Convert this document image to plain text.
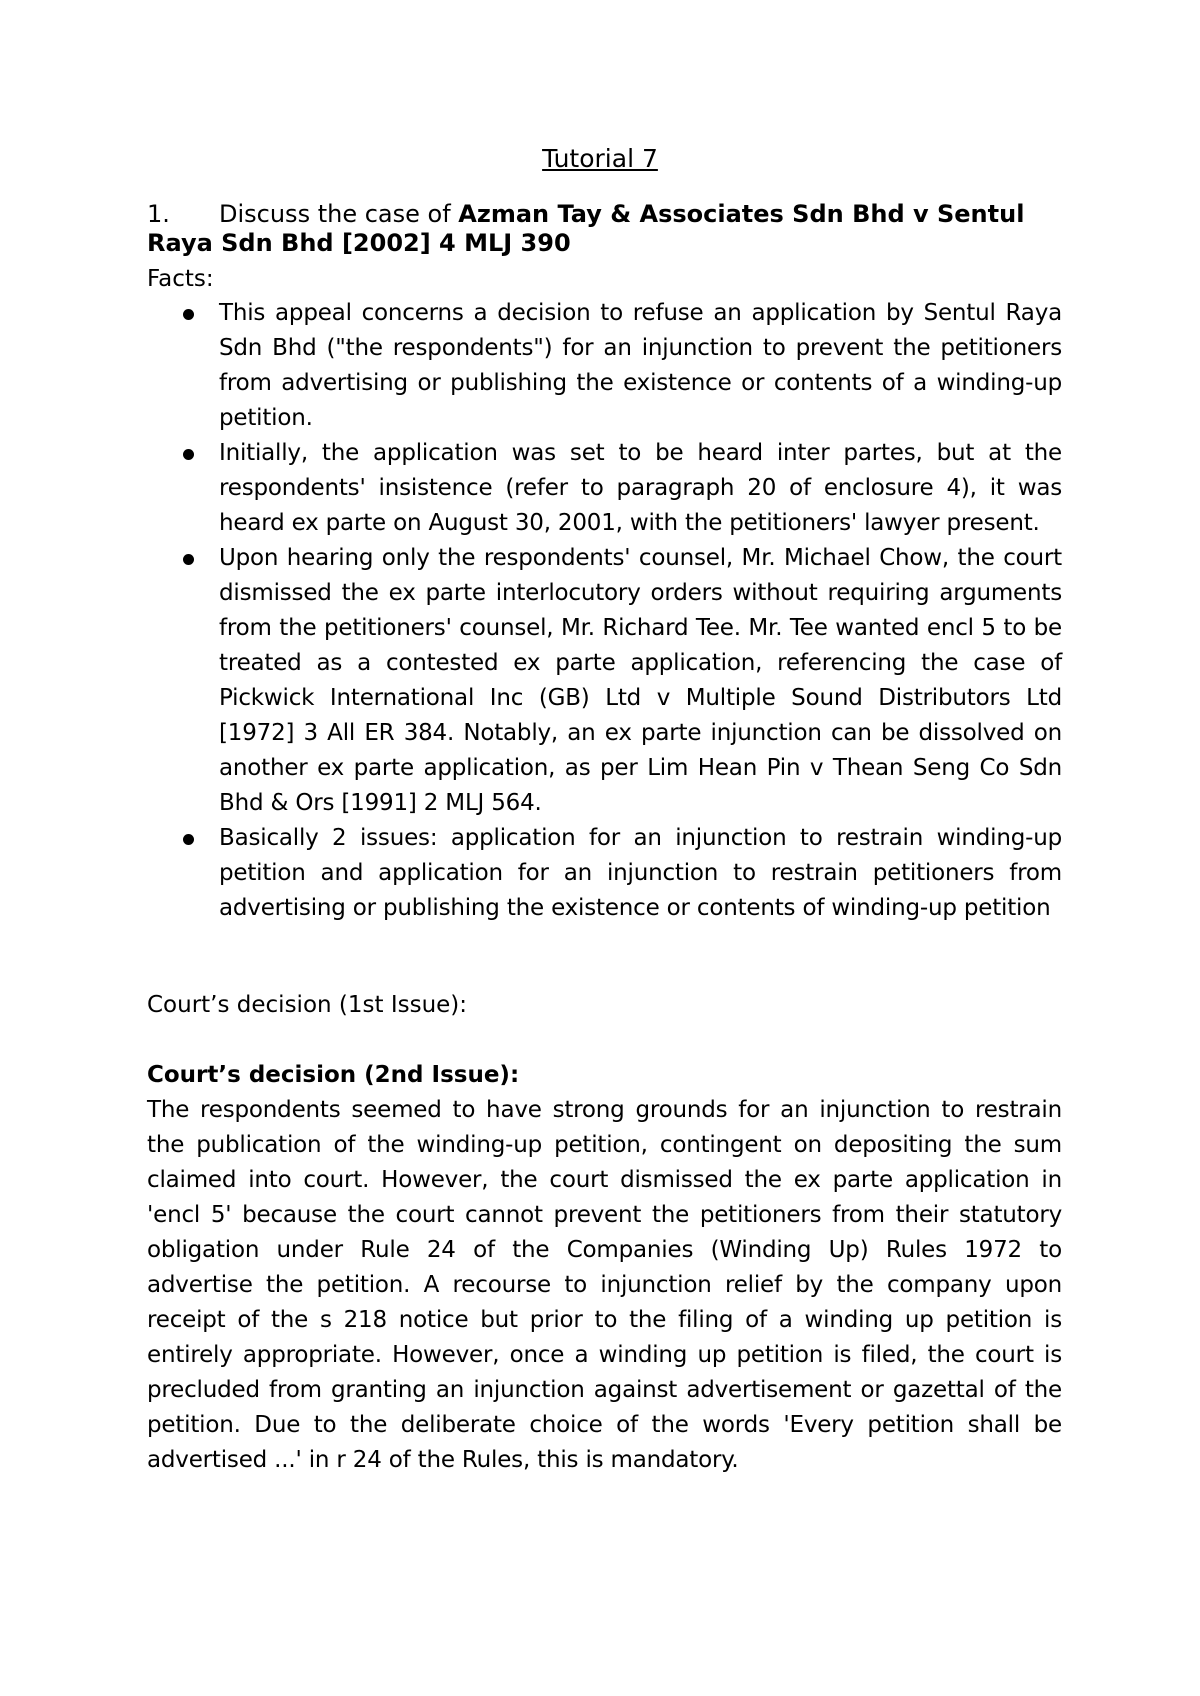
Tutorial 7
1. Discuss the case of Azman Tay & Associates Sdn Bhd v Sentul Raya Sdn Bhd [2002] 4 MLJ 390
Facts:
This appeal concerns a decision to refuse an application by Sentul Raya Sdn Bhd ("the respondents") for an injunction to prevent the petitioners from advertising or publishing the existence or contents of a winding-up petition.
Initially, the application was set to be heard inter partes, but at the respondents' insistence (refer to paragraph 20 of enclosure 4), it was heard ex parte on August 30, 2001, with the petitioners' lawyer present.
Upon hearing only the respondents' counsel, Mr. Michael Chow, the court dismissed the ex parte interlocutory orders without requiring arguments from the petitioners' counsel, Mr. Richard Tee. Mr. Tee wanted encl 5 to be treated as a contested ex parte application, referencing the case of Pickwick International Inc (GB) Ltd v Multiple Sound Distributors Ltd [1972] 3 All ER 384. Notably, an ex parte injunction can be dissolved on another ex parte application, as per Lim Hean Pin v Thean Seng Co Sdn Bhd & Ors [1991] 2 MLJ 564.
Basically 2 issues: application for an injunction to restrain winding-up petition and application for an injunction to restrain petitioners from advertising or publishing the existence or contents of winding-up petition
Court’s decision (1st Issue):
Court’s decision (2nd Issue):

The respondents seemed to have strong grounds for an injunction to restrain the publication of the winding-up petition, contingent on depositing the sum claimed into court. However, the court dismissed the ex parte application in 'encl 5' because the court cannot prevent the petitioners from their statutory obligation under Rule 24 of the Companies (Winding Up) Rules 1972 to advertise the petition. A recourse to injunction relief by the company upon receipt of the s 218 notice but prior to the filing of a winding up petition is entirely appropriate. However, once a winding up petition is filed, the court is precluded from granting an injunction against advertisement or gazettal of the petition. Due to the deliberate choice of the words 'Every petition shall be advertised ...' in r 24 of the Rules, this is mandatory.
